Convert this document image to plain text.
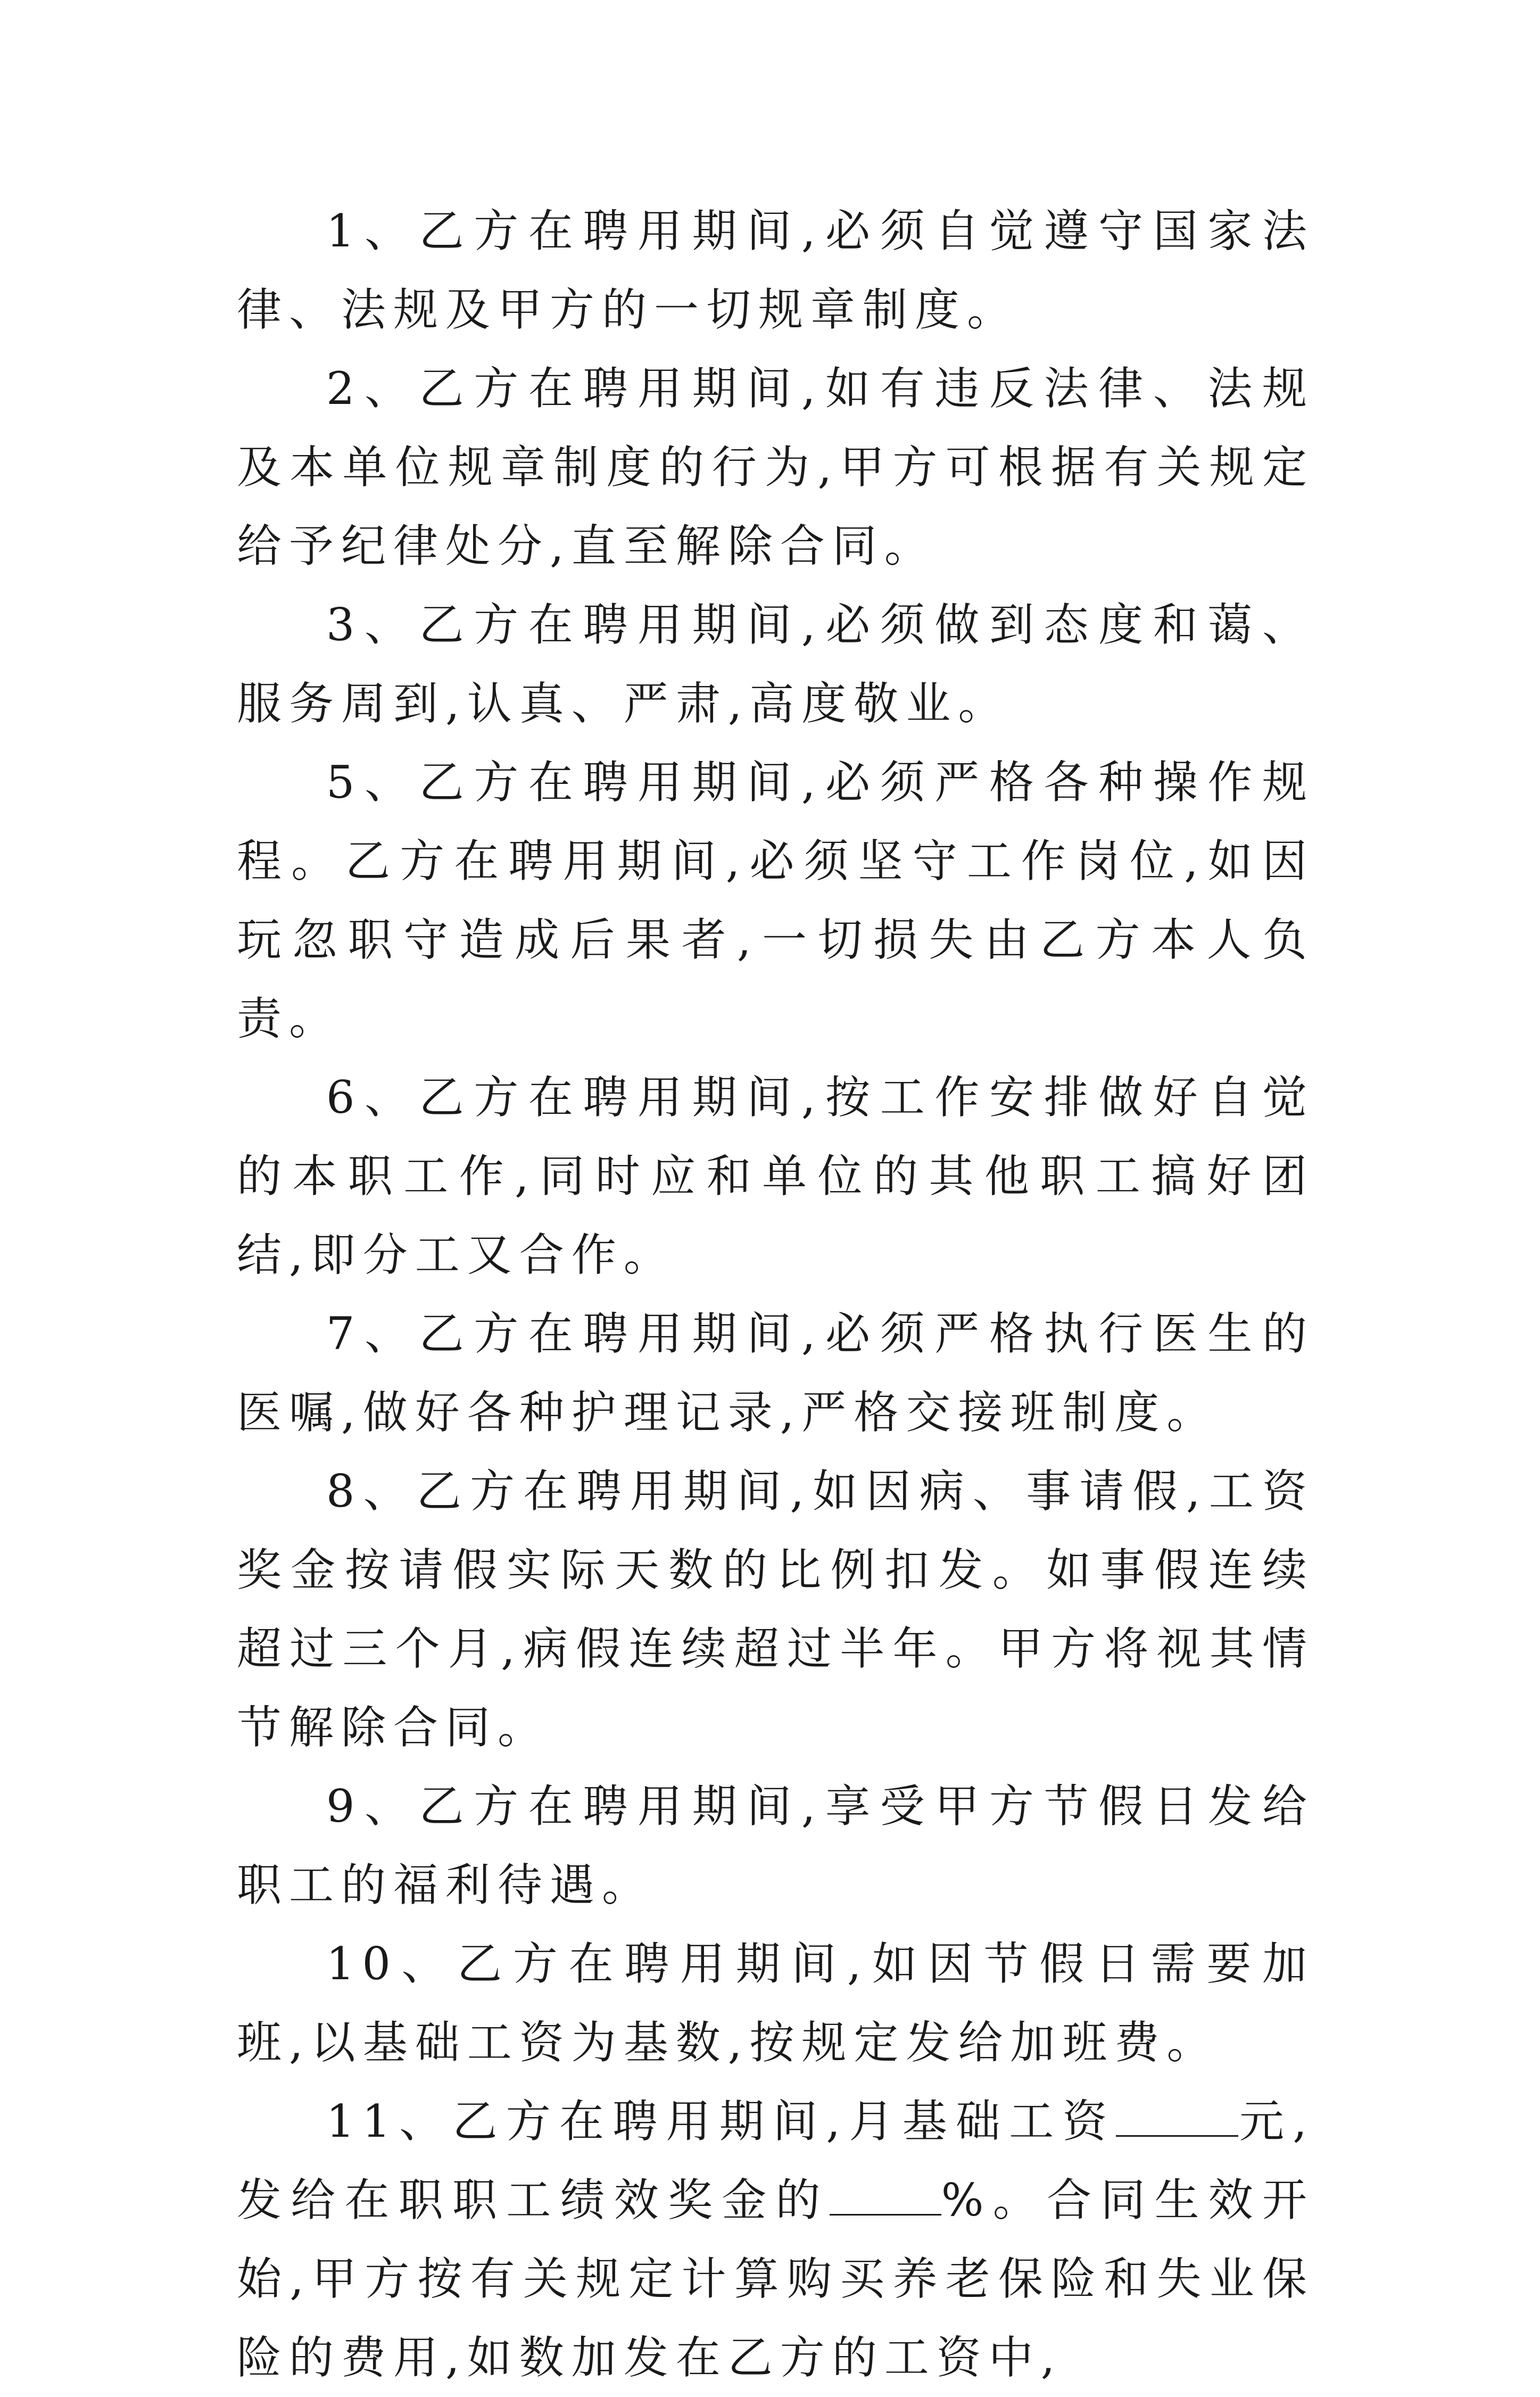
1、乙方在聘用期间,必须自觉遵守国家法律、法规及甲方的一切规章制度。

2、乙方在聘用期间,如有违反法律、法规及本单位规章制度的行为,甲方可根据有关规定给予纪律处分,直至解除合同。

3、乙方在聘用期间,必须做到态度和蔼、服务周到,认真、严肃,高度敬业。

5、乙方在聘用期间,必须严格各种操作规程。乙方在聘用期间,必须坚守工作岗位,如因玩忽职守造成后果者,一切损失由乙方本人负责。

6、乙方在聘用期间,按工作安排做好自觉的本职工作,同时应和单位的其他职工搞好团结,即分工又合作。

7、乙方在聘用期间,必须严格执行医生的医嘱,做好各种护理记录,严格交接班制度。

8、乙方在聘用期间,如因病、事请假,工资奖金按请假实际天数的比例扣发。如事假连续超过三个月,病假连续超过半年。甲方将视其情节解除合同。

9、乙方在聘用期间,享受甲方节假日发给职工的福利待遇。

10、乙方在聘用期间,如因节假日需要加班,以基础工资为基数,按规定发给加班费。

11、乙方在聘用期间,月基础工资	元,发给在职职工绩效奖金的	%。合同生效开始,甲方按有关规定计算购买养老保险和失业保险的费用,如数加发在乙方的工资中,
